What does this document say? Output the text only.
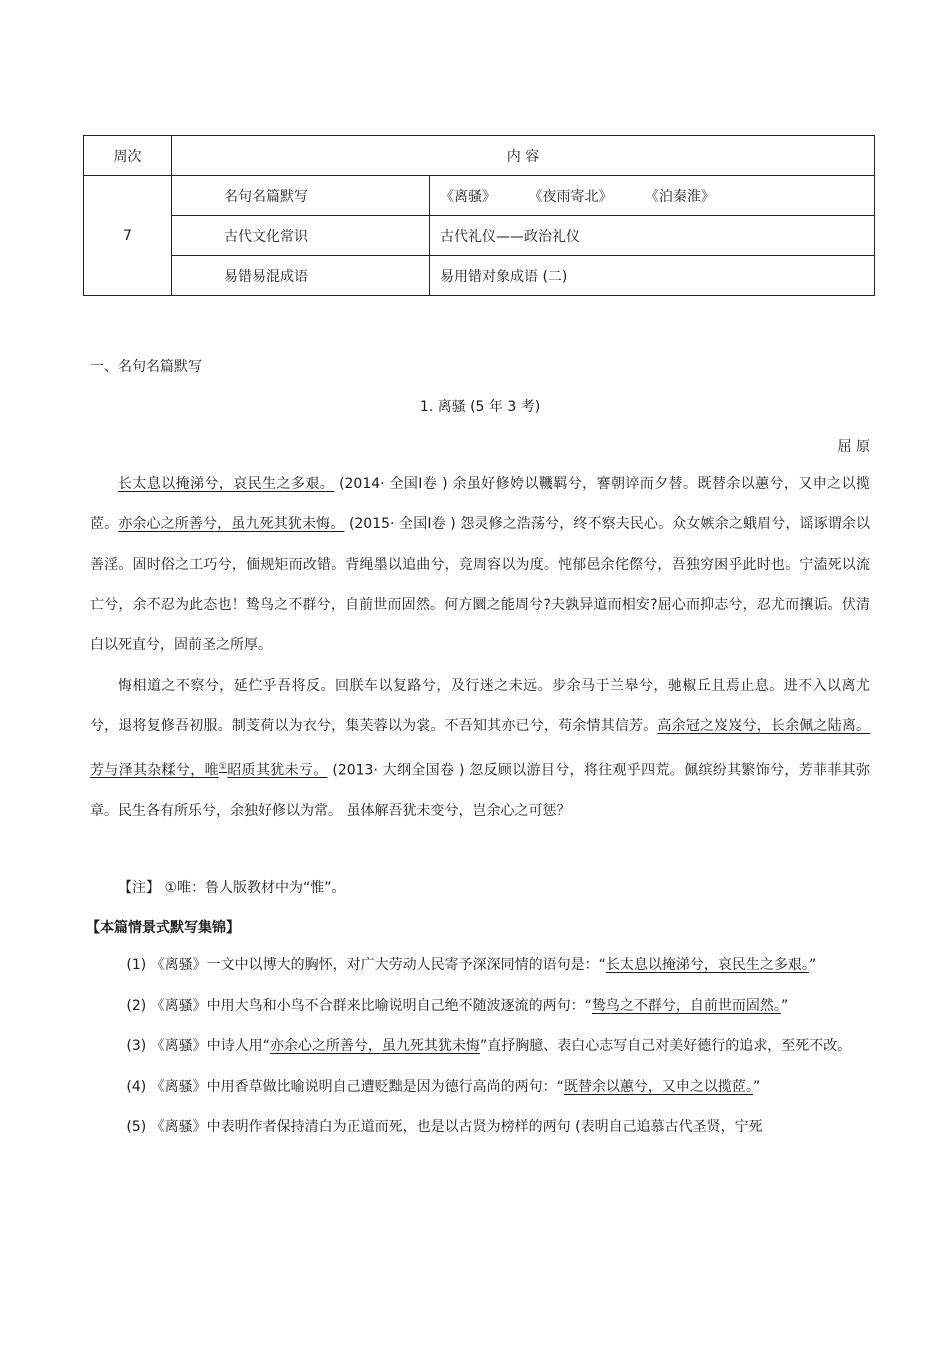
周次	内 容	
7	名句名篇默写	《离骚》 《夜雨寄北》 《泊秦淮》
	古代文化常识	古代礼仪——政治礼仪
	易错易混成语	易用错对象成语 (二)
一、名句名篇默写
1. 离骚 (5 年 3 考)
屈 原

长太息以掩涕兮，哀民生之多艰。 (2014· 全国Ⅰ卷 ) 余虽好修姱以鞿羁兮，謇朝谇而夕替。既替余以蕙兮，又申之以揽茝。亦余心之所善兮，虽九死其犹未悔。 (2015· 全国Ⅰ卷 ) 怨灵修之浩荡兮，终不察夫民心。众女嫉余之蛾眉兮，谣诼谓余以善淫。固时俗之工巧兮，偭规矩而改错。背绳墨以追曲兮，竞周容以为度。忳郁邑余侘傺兮，吾独穷困乎此时也。宁溘死以流亡兮，余不忍为此态也！鸷鸟之不群兮，自前世而固然。何方圜之能周兮?夫孰异道而相安?屈心而抑志兮，忍尤而攘诟。伏清白以死直兮，固前圣之所厚。

悔相道之不察兮，延伫乎吾将反。回朕车以复路兮，及行迷之未远。步余马于兰皋兮，驰椒丘且焉止息。进不入以离尤兮，退将复修吾初服。制芰荷以为衣兮，集芙蓉以为裳。不吾知其亦已兮，苟余情其信芳。高余冠之岌岌兮，长余佩之陆离。芳与泽其杂糅兮，唯①昭质其犹未亏。 (2013· 大纲全国卷 ) 忽反顾以游目兮，将往观乎四荒。佩缤纷其繁饰兮，芳菲菲其弥章。民生各有所乐兮，余独好修以为常。 虽体解吾犹未变兮，岂余心之可惩？

【注】 ①唯：鲁人版教材中为“惟”。
【本篇情景式默写集锦】

(1) 《离骚》一文中以博大的胸怀，对广大劳动人民寄予深深同情的语句是：“长太息以掩涕兮，哀民生之多艰。”

(2) 《离骚》中用大鸟和小鸟不合群来比喻说明自己绝不随波逐流的两句：“鸷鸟之不群兮，自前世而固然。”

(3) 《离骚》中诗人用“亦余心之所善兮，虽九死其犹未悔”直抒胸臆、表白心志写自己对美好德行的追求，至死不改。

(4) 《离骚》中用香草做比喻说明自己遭贬黜是因为德行高尚的两句：“既替余以蕙兮，又申之以揽茝。”

(5) 《离骚》中表明作者保持清白为正道而死，也是以古贤为榜样的两句 (表明自己追慕古代圣贤，宁死
